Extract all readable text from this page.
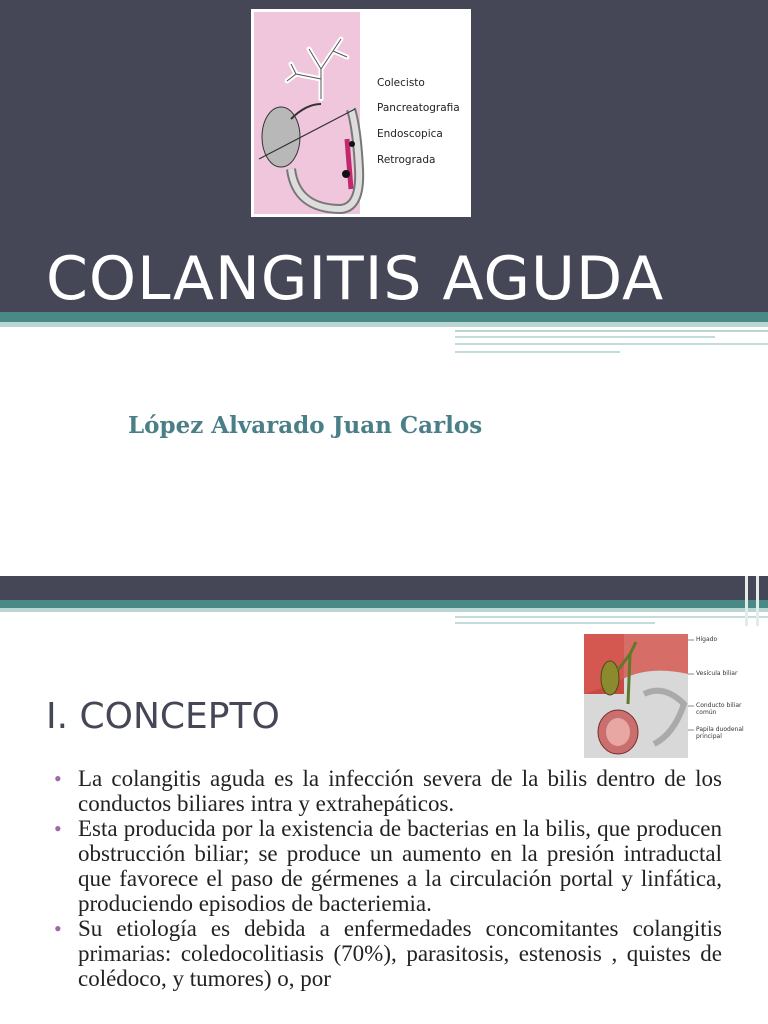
Colecisto
Pancreatografia
Endoscopica
Retrograda
COLANGITIS AGUDA
López Alvarado Juan Carlos
Hígado
Vesícula biliar
Conducto biliar común
Papila duodenal principal
I. CONCEPTO
• La colangitis aguda es la infección severa de la bilis dentro de los conductos biliares intra y extrahepáticos.
• Esta producida por la existencia de bacterias en la bilis, que producen obstrucción biliar; se produce un aumento en la presión intraductal que favorece el paso de gérmenes a la circulación portal y linfática, produciendo episodios de bacteriemia.
• Su etiología es debida a enfermedades concomitantes colangitis primarias: coledocolitiasis (70%), parasitosis, estenosis , quistes de colédoco, y tumores) o, por
